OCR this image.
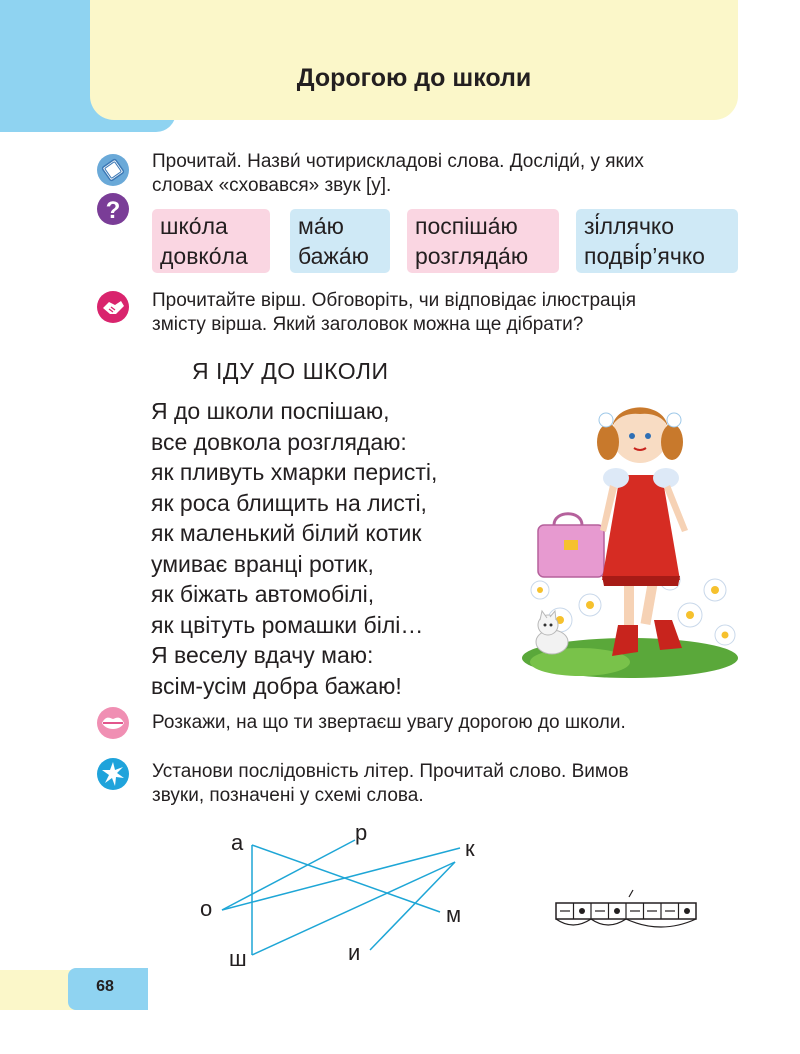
Дорогою до школи
?
Прочитай. Назви́ чотирискладові слова. Досліди́, у яких
словах «сховався» звук [у].
шко́ла
довко́ла
ма́ю
бажа́ю
поспіша́ю
розгляда́ю
зі́ллячко
подві́р’ячко
Прочитайте вірш. Обговоріть, чи відповідає ілюстрація
змісту вірша. Який заголовок можна ще дібрати?
Я ІДУ ДО ШКОЛИ
Я до школи поспішаю,
все довкола розглядаю:
як пливуть хмарки перисті,
як роса блищить на листі,
як маленький білий котик
умиває вранці ротик,
як біжать автомобілі,
як цвітуть ромашки білі…
Я веселу вдачу маю:
всім-усім добра бажаю!
Розкажи, на що ти звертаєш увагу дорогою до школи.
Установи послідовність літер. Прочитай слово. Вимов
звуки, позначені у схемі слова.
а	р
к
о	м
ш	и
68
